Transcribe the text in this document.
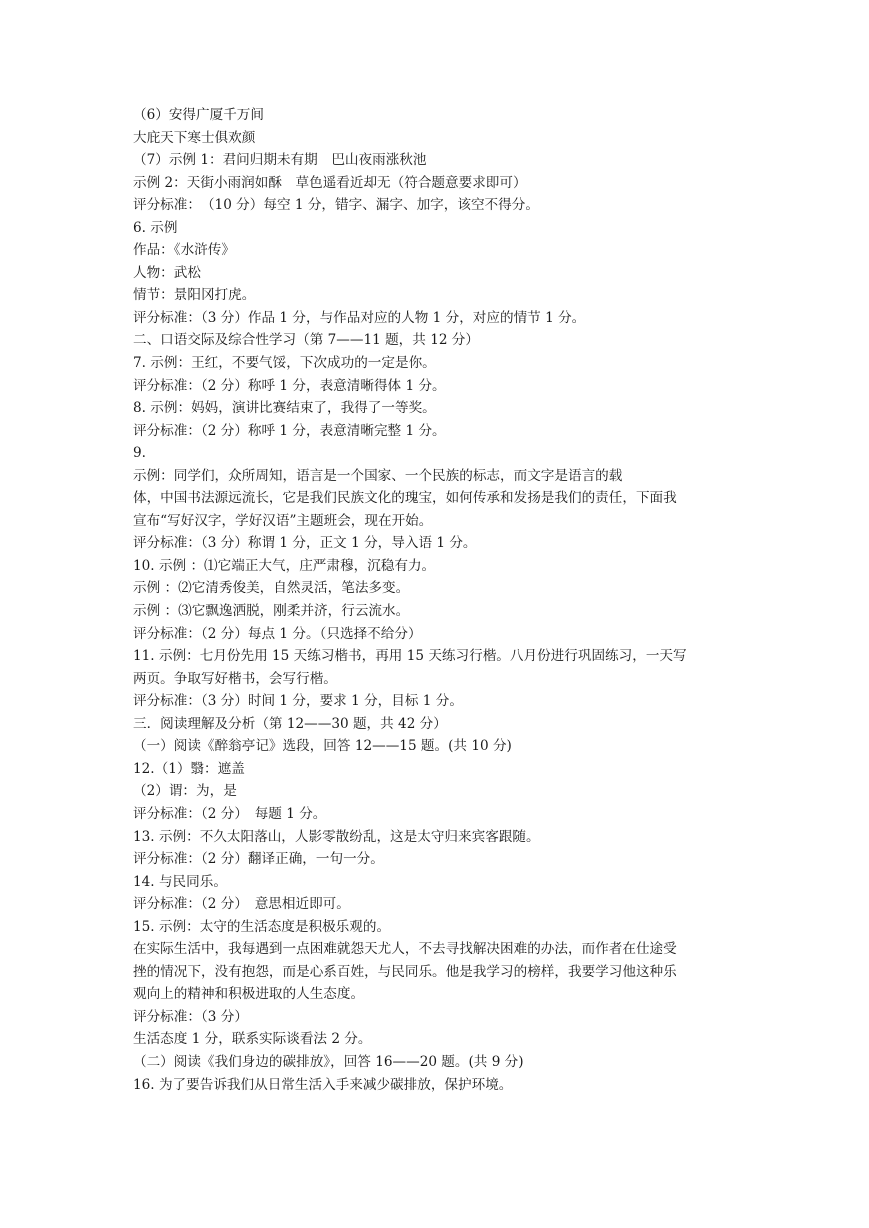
（6）安得广厦千万间
大庇天下寒士俱欢颜
（7）示例 1：君问归期未有期　巴山夜雨涨秋池
示例 2：天街小雨润如酥　草色遥看近却无（符合题意要求即可）
评分标准：　（10 分）每空 1 分，错字、漏字、加字，该空不得分。
6. 示例
作品：《水浒传》
人物：武松
情节：景阳冈打虎。
评分标准：（3 分）作品 1 分，与作品对应的人物 1 分，对应的情节 1 分。
二、口语交际及综合性学习（第 7——11 题，共 12 分）
7. 示例：王红，不要气馁，下次成功的一定是你。
评分标准：（2 分）称呼 1 分，表意清晰得体 1 分。
8. 示例：妈妈，演讲比赛结束了，我得了一等奖。
评分标准：（2 分）称呼 1 分，表意清晰完整 1 分。
9.
示例：同学们，众所周知，语言是一个国家、一个民族的标志，而文字是语言的载
体，中国书法源远流长，它是我们民族文化的瑰宝，如何传承和发扬是我们的责任，下面我
宣布“写好汉字，学好汉语”主题班会，现在开始。
评分标准：（3 分）称谓 1 分，正文 1 分，导入语 1 分。
10. 示例 ：⑴它端正大气，庄严肃穆，沉稳有力。
示例 ：⑵它清秀俊美，自然灵活，笔法多变。
示例 ：⑶它飘逸洒脱，刚柔并济，行云流水。
评分标准：（2 分）每点 1 分。（只选择不给分）
11. 示例：七月份先用 15 天练习楷书，再用 15 天练习行楷。八月份进行巩固练习，一天写
两页。争取写好楷书，会写行楷。
评分标准：（3 分）时间 1 分，要求 1 分，目标 1 分。
三．阅读理解及分析（第 12——30 题，共 42 分）
（一）阅读《醉翁亭记》选段，回答 12——15 题。(共 10 分)
12.（1）翳：遮盖
（2）谓：为，是
评分标准：（2 分）　每题 1 分。
13. 示例：不久太阳落山，人影零散纷乱，这是太守归来宾客跟随。
评分标准：（2 分）翻译正确，一句一分。
14. 与民同乐。
评分标准：（2 分）　意思相近即可。
15. 示例：太守的生活态度是积极乐观的。
在实际生活中，我每遇到一点困难就怨天尤人，不去寻找解决困难的办法，而作者在仕途受
挫的情况下，没有抱怨，而是心系百姓，与民同乐。他是我学习的榜样，我要学习他这种乐
观向上的精神和积极进取的人生态度。
评分标准：（3 分）
生活态度 1 分，联系实际谈看法 2 分。
（二）阅读《我们身边的碳排放》，回答 16——20 题。(共 9 分)
16. 为了要告诉我们从日常生活入手来减少碳排放，保护环境。
